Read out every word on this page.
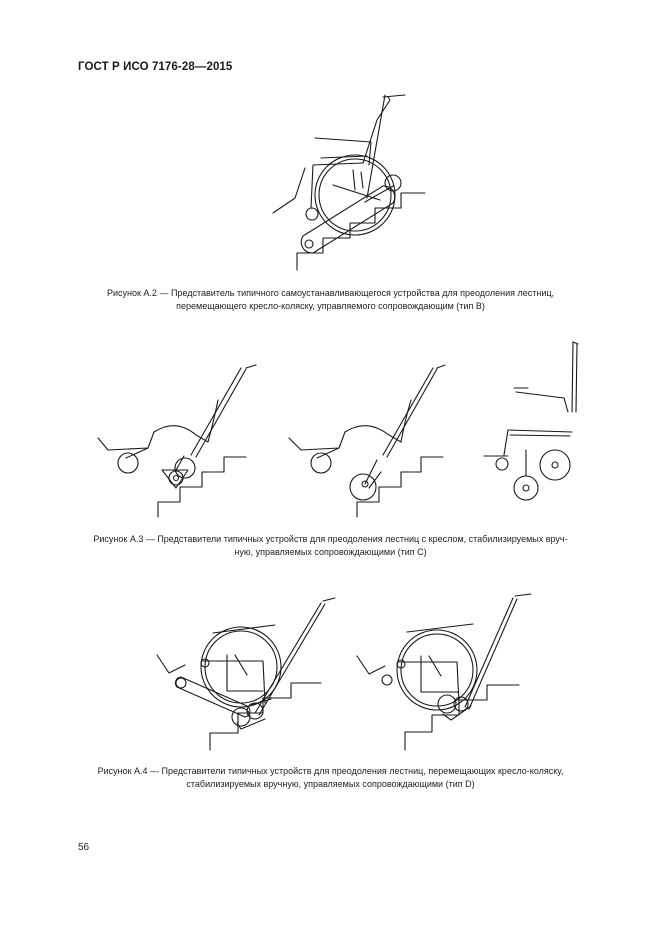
ГОСТ Р ИСО 7176-28—2015
Рисунок А.2 — Представитель типичного самоустанавливающегося устройства для преодоления лестниц,
перемещающего кресло-коляску, управляемого сопровождающим (тип В)
Рисунок А.3 — Представители типичных устройств для преодоления лестниц с креслом, стабилизируемых вруч-
ную, управляемых сопровождающими (тип С)
Рисунок А.4 — Представители типичных устройств для преодоления лестниц, перемещающих кресло-коляску,
стабилизируемых вручную, управляемых сопровождающими (тип D)
56
